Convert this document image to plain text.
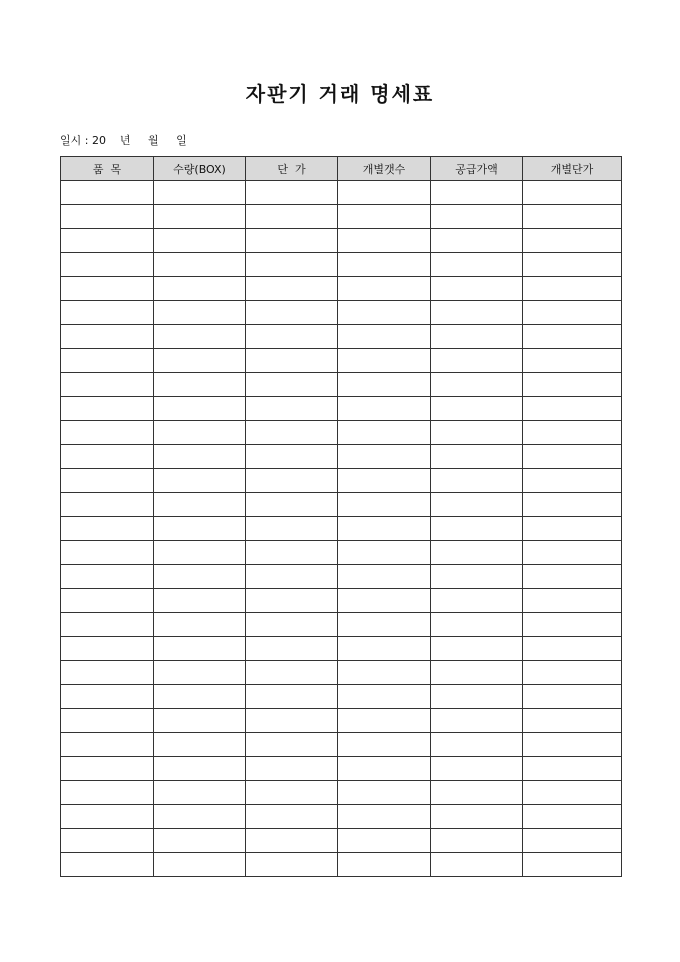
자판기 거래 명세표
일시 : 20    년     월     일
품  목	수량(BOX)	단  가	개별갯수	공급가액	개별단가
